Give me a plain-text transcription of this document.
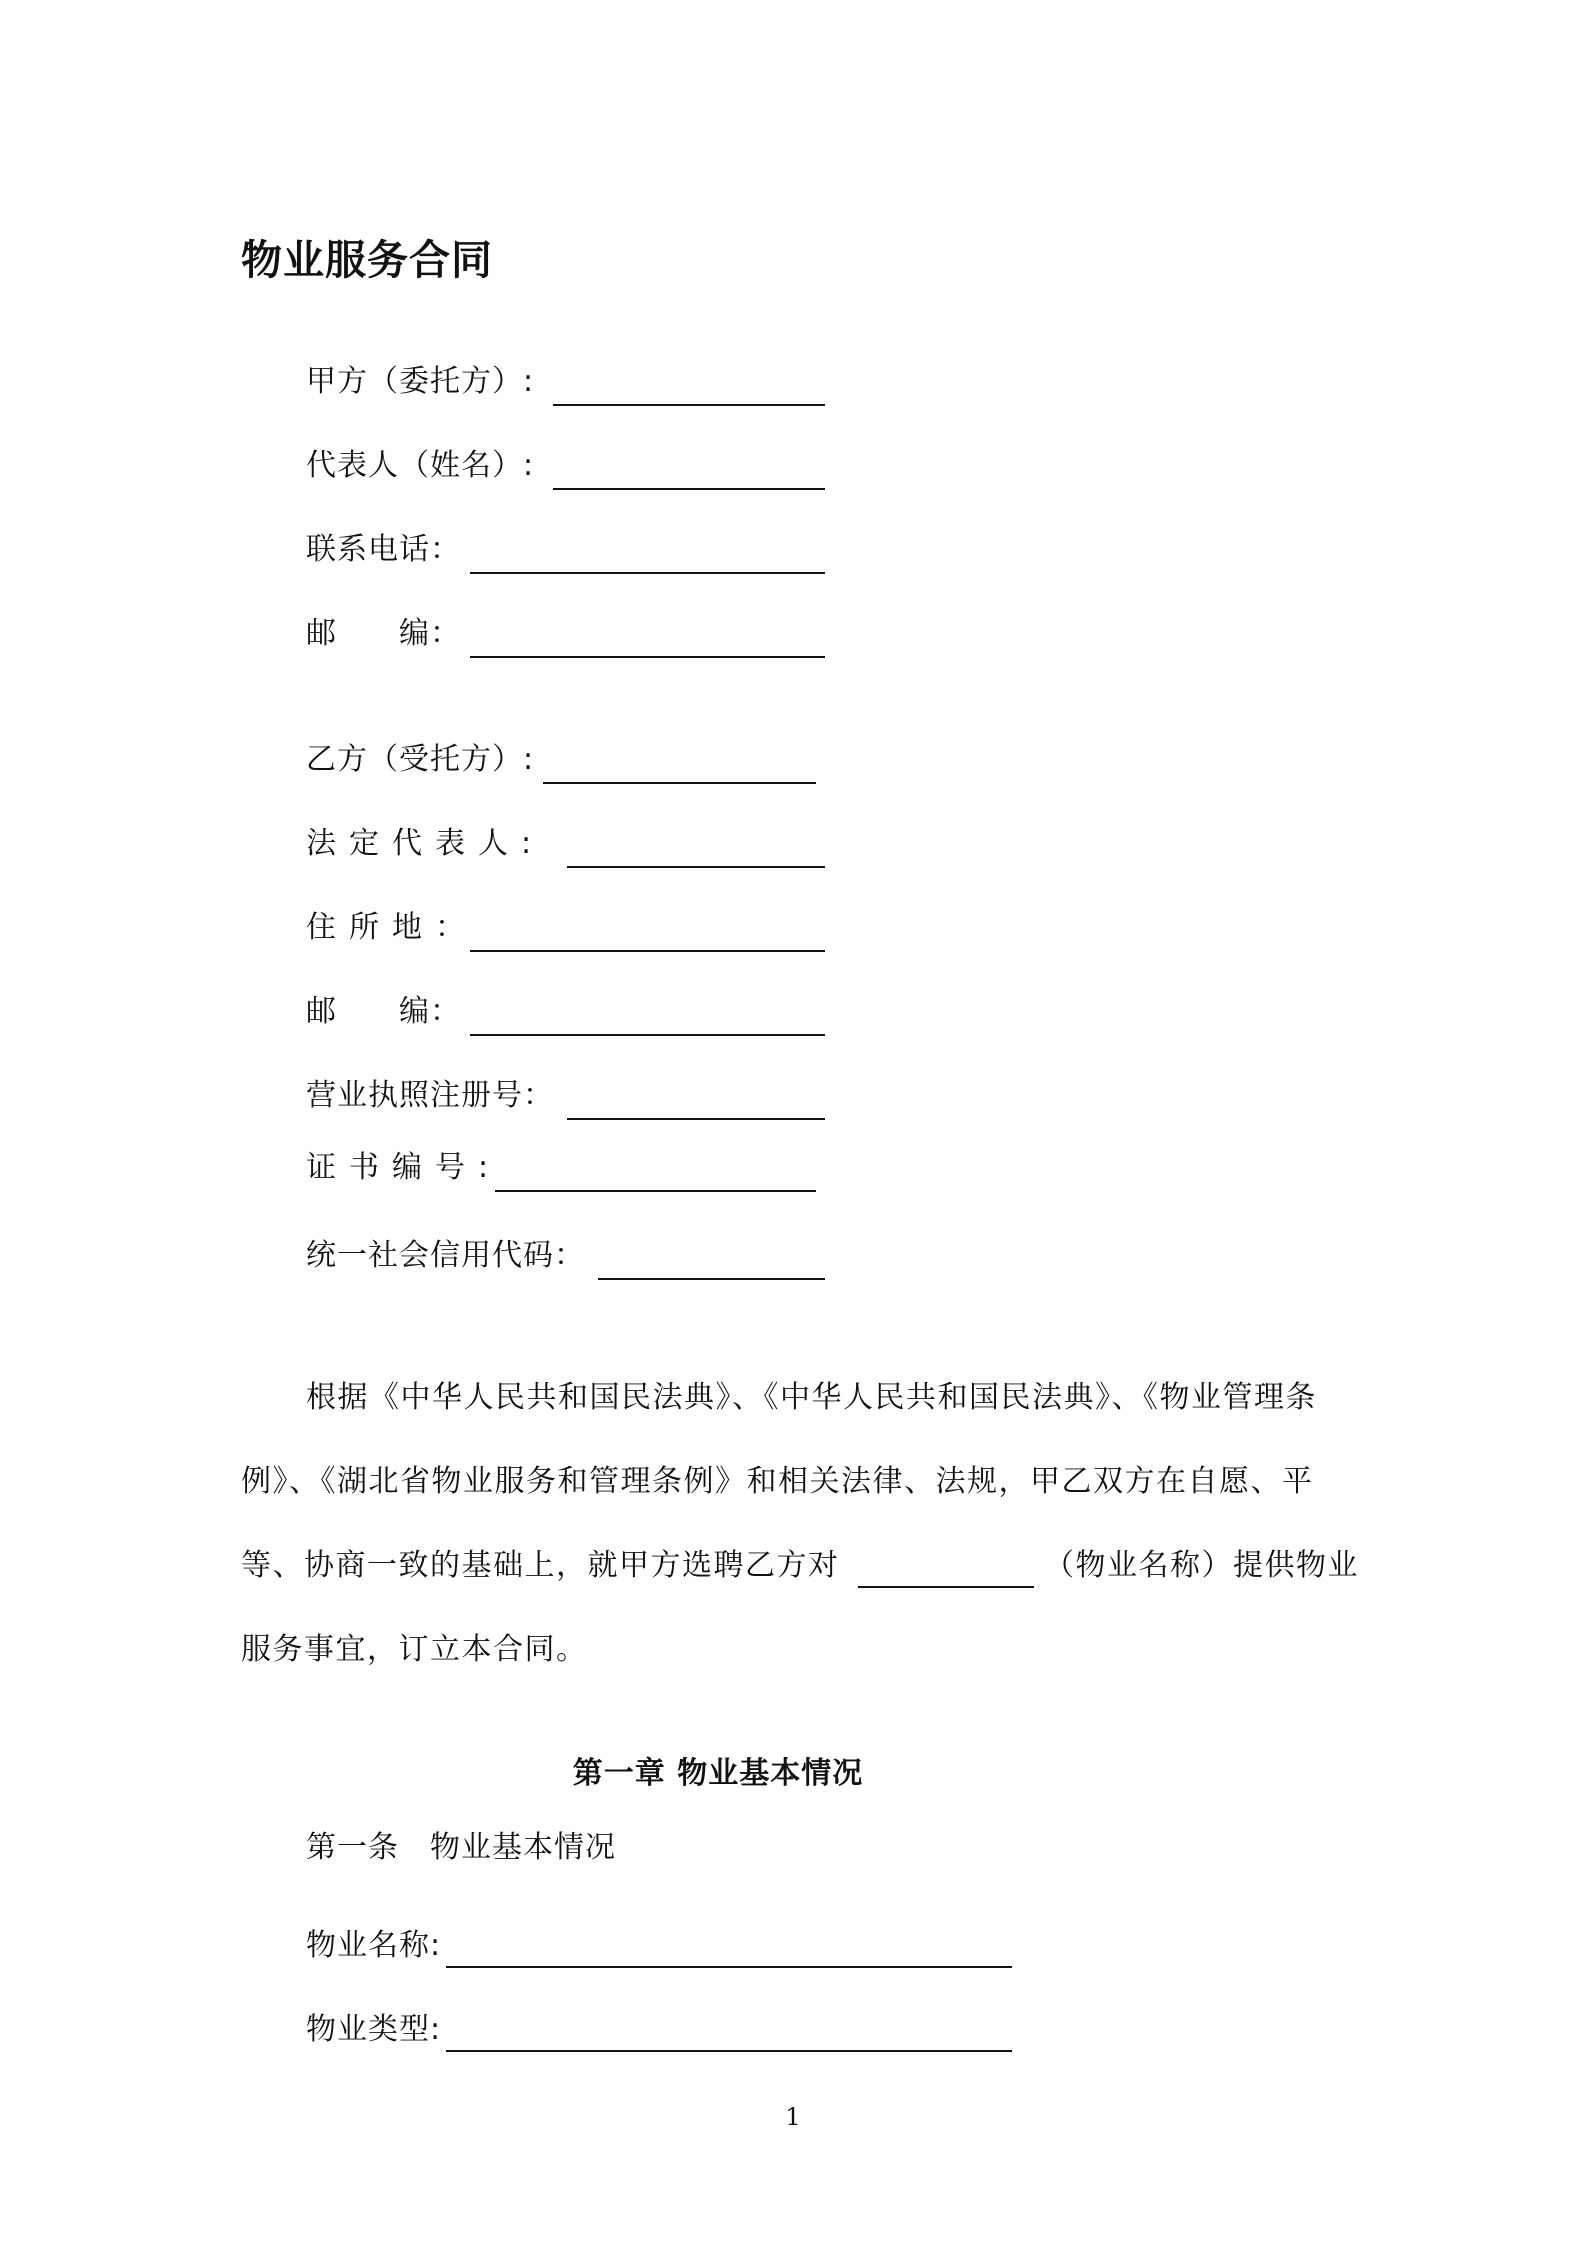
物业服务合同
甲方（委托方）:
代表人（姓名）:
联系电话：
邮　　编：
乙方（受托方）:
法定代表人:
住所地：
邮　　编：
营业执照注册号：
证书编号:
统一社会信用代码：
根据《中华人民共和国民法典》、《中华人民共和国民法典》、《物业管理条
例》、《湖北省物业服务和管理条例》和相关法律、法规，甲乙双方在自愿、平
等、协商一致的基础上，就甲方选聘乙方对	（物业名称）提供物业
服务事宜，订立本合同。
第一章 物业基本情况
第一条　物业基本情况
物业名称:
物业类型:
1
